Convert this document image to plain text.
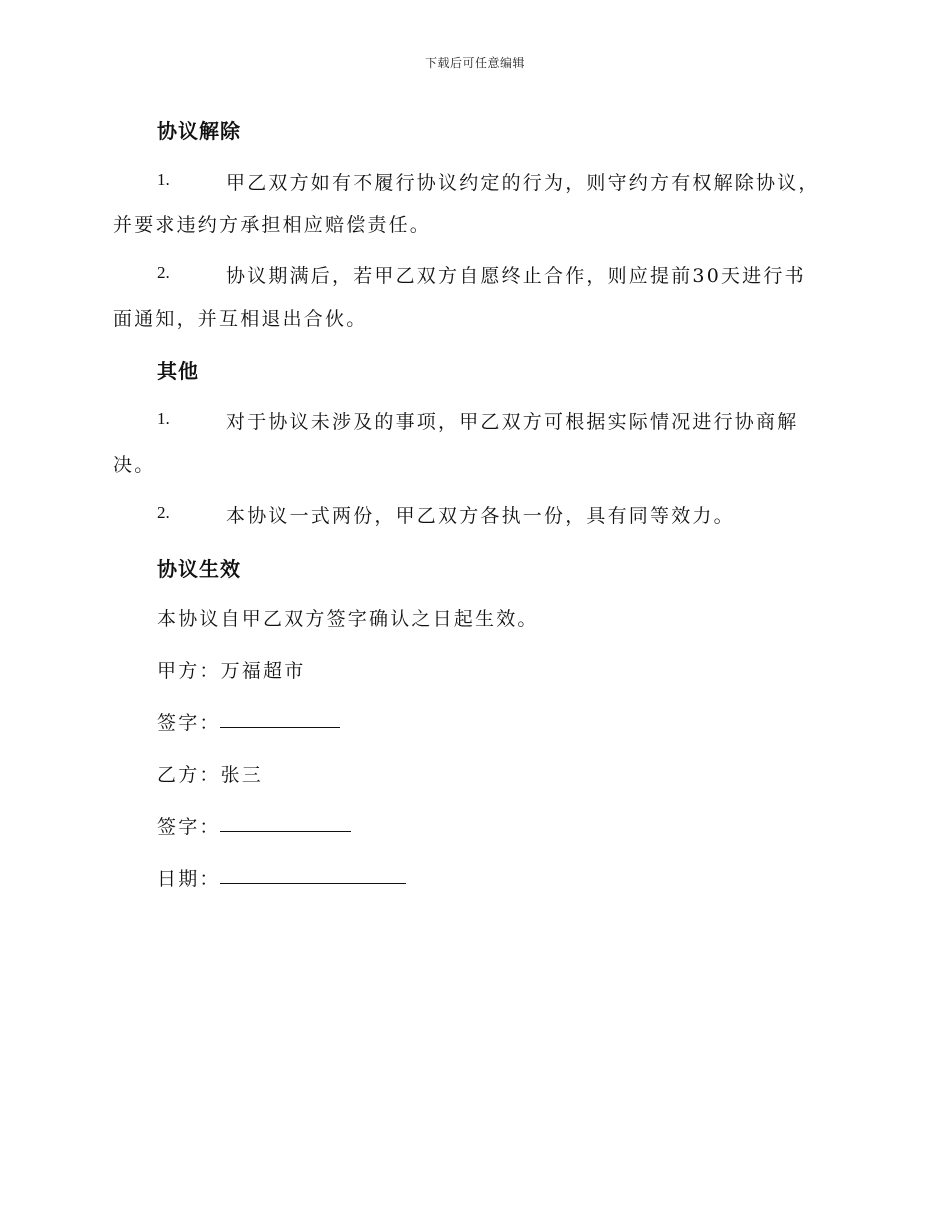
下载后可任意编辑
协议解除
1.	甲乙双方如有不履行协议约定的行为，则守约方有权解除协议，
并要求违约方承担相应赔偿责任。
2.	协议期满后，若甲乙双方自愿终止合作，则应提前30天进行书
面通知，并互相退出合伙。
其他
1.	对于协议未涉及的事项，甲乙双方可根据实际情况进行协商解
决。
2.	本协议一式两份，甲乙双方各执一份，具有同等效力。
协议生效
本协议自甲乙双方签字确认之日起生效。
甲方：万福超市
签字：
乙方：张三
签字：
日期：
